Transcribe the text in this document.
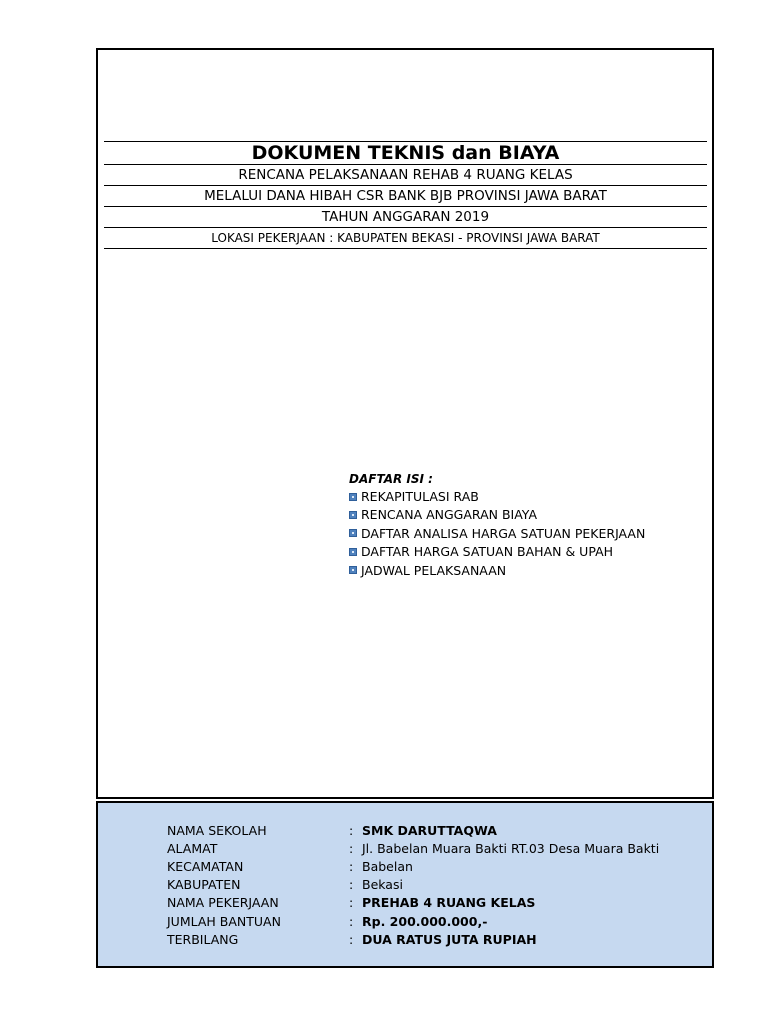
DOKUMEN TEKNIS dan BIAYA
RENCANA PELAKSANAAN REHAB 4 RUANG KELAS
MELALUI DANA HIBAH CSR BANK BJB PROVINSI JAWA BARAT
TAHUN ANGGARAN 2019
LOKASI PEKERJAAN : KABUPATEN BEKASI - PROVINSI JAWA BARAT
DAFTAR ISI :
REKAPITULASI RAB
RENCANA ANGGARAN BIAYA
DAFTAR ANALISA HARGA SATUAN PEKERJAAN
DAFTAR HARGA SATUAN BAHAN & UPAH
JADWAL PELAKSANAAN
NAMA SEKOLAH	: SMK DARUTTAQWA
ALAMAT	: Jl. Babelan Muara Bakti RT.03 Desa Muara Bakti
KECAMATAN	: Babelan
KABUPATEN	: Bekasi
NAMA PEKERJAAN	: PREHAB 4 RUANG KELAS
JUMLAH BANTUAN	: Rp. 200.000.000,-
TERBILANG	: DUA RATUS JUTA RUPIAH
